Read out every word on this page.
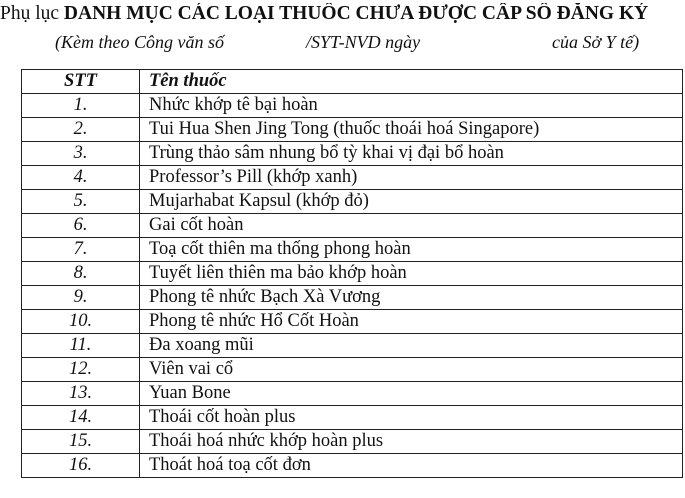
Phụ lục DANH MỤC CÁC LOẠI THUỐC CHƯA ĐƯỢC CẤP SỐ ĐĂNG KÝ
(Kèm theo Công văn số	/SYT-NVD ngày	của Sở Y tế)
STT	Tên thuốc
1.	Nhức khớp tê bại hoàn
2.	Tui Hua Shen Jing Tong (thuốc thoái hoá Singapore)
3.	Trùng thảo sâm nhung bổ tỳ khai vị đại bổ hoàn
4.	Professor’s Pill (khớp xanh)
5.	Mujarhabat Kapsul (khớp đỏ)
6.	Gai cốt hoàn
7.	Toạ cốt thiên ma thống phong hoàn
8.	Tuyết liên thiên ma bảo khớp hoàn
9.	Phong tê nhức Bạch Xà Vương
10.	Phong tê nhức Hổ Cốt Hoàn
11.	Đa xoang mũi
12.	Viên vai cổ
13.	Yuan Bone
14.	Thoái cốt hoàn plus
15.	Thoái hoá nhức khớp hoàn plus
16.	Thoát hoá toạ cốt đơn
